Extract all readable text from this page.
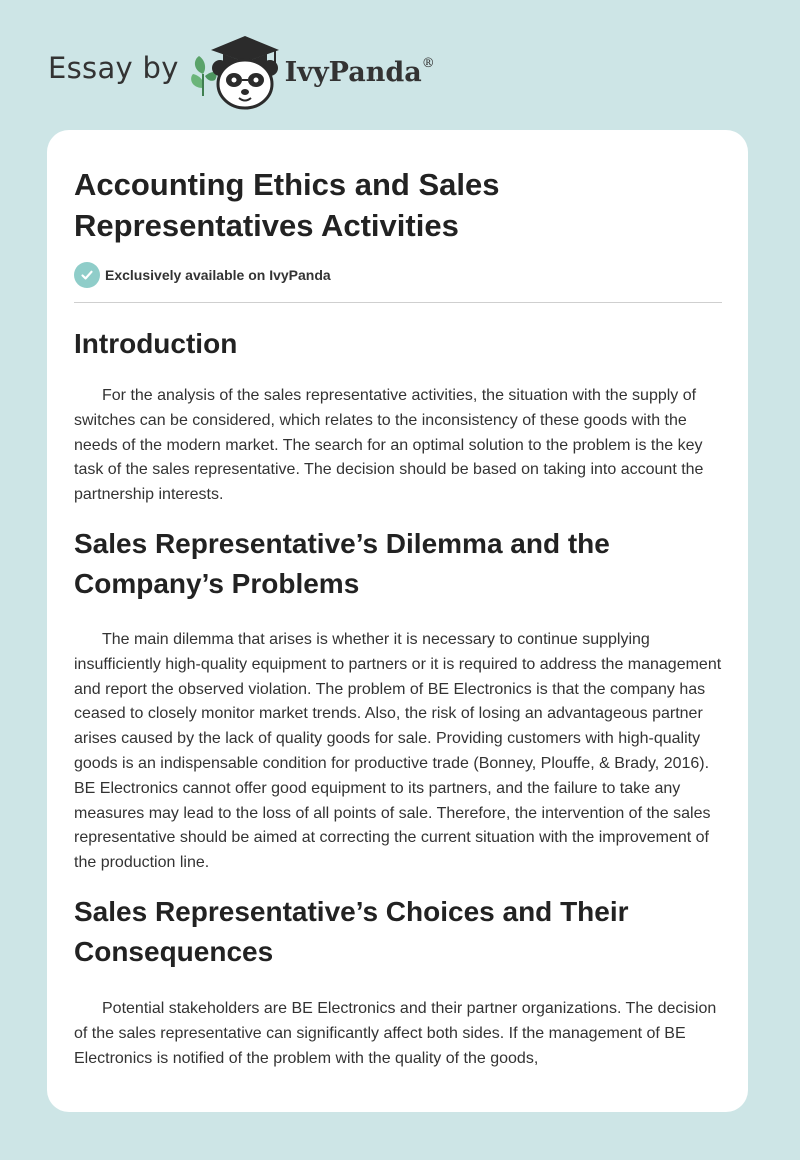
Essay by	IvyPanda®
Accounting Ethics and Sales Representatives Activities
Exclusively available on IvyPanda
Introduction

For the analysis of the sales representative activities, the situation with the supply of switches can be considered, which relates to the inconsistency of these goods with the needs of the modern market. The search for an optimal solution to the problem is the key task of the sales representative. The decision should be based on taking into account the partnership interests.

Sales Representative’s Dilemma and the Company’s Problems

The main dilemma that arises is whether it is necessary to continue supplying insufficiently high-quality equipment to partners or it is required to address the management and report the observed violation. The problem of BE Electronics is that the company has ceased to closely monitor market trends. Also, the risk of losing an advantageous partner arises caused by the lack of quality goods for sale. Providing customers with high-quality goods is an indispensable condition for productive trade (Bonney, Plouffe, & Brady, 2016). BE Electronics cannot offer good equipment to its partners, and the failure to take any measures may lead to the loss of all points of sale. Therefore, the intervention of the sales representative should be aimed at correcting the current situation with the improvement of the production line.

Sales Representative’s Choices and Their Consequences

Potential stakeholders are BE Electronics and their partner organizations. The decision of the sales representative can significantly affect both sides. If the management of BE Electronics is notified of the problem with the quality of the goods,
